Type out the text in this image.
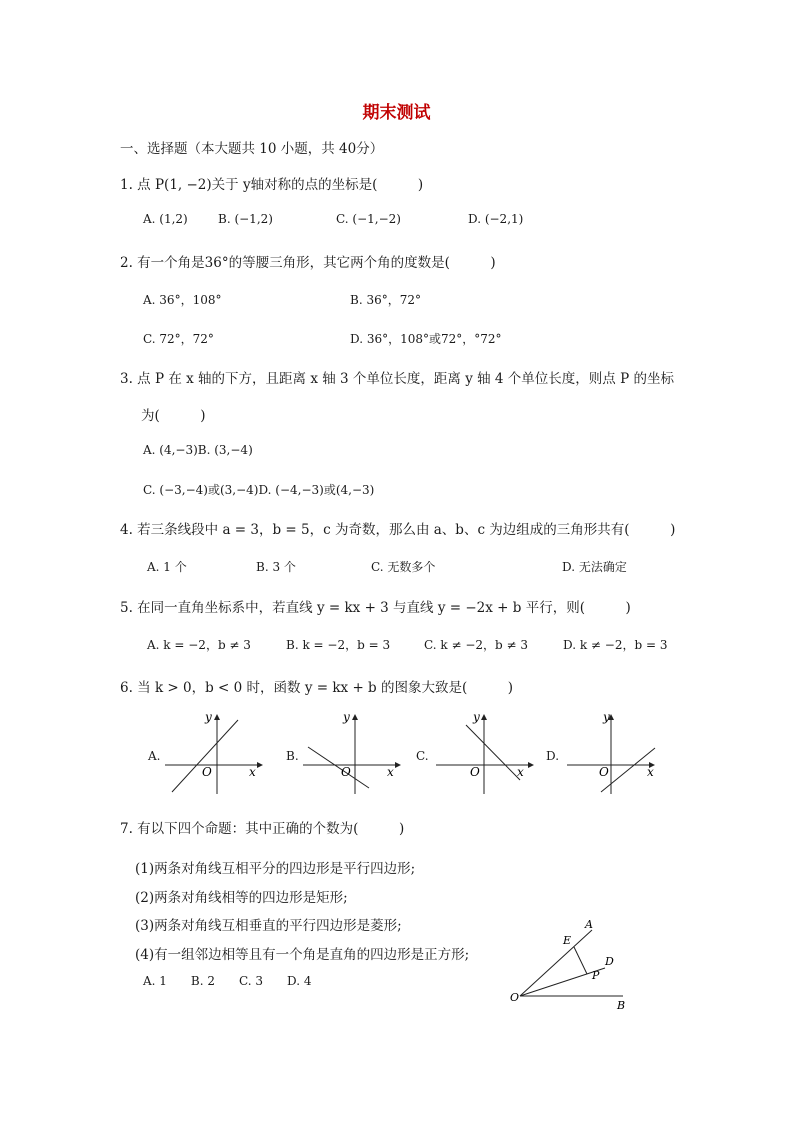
期末测试
一、选择题（本大题共 10 小题，共 40分）
1. 点 P(1, −2)关于 y轴对称的点的坐标是(　　　)
A. (1,2)	B. (−1,2)	C. (−1,−2)	D. (−2,1)
2. 有一个角是36°的等腰三角形，其它两个角的度数是(　　　)
A. 36°，108°	B. 36°，72°
C. 72°，72°	D. 36°，108°或72°，°72°
3. 点 P 在 x 轴的下方，且距离 x 轴 3 个单位长度，距离 y 轴 4 个单位长度，则点 P 的坐标
为(　　　)
A. (4,−3)B. (3,−4)
C. (−3,−4)或(3,−4)D. (−4,−3)或(4,−3)
4. 若三条线段中 a = 3，b = 5，c 为奇数，那么由 a、b、c 为边组成的三角形共有(　　　)
A. 1 个	B. 3 个	C. 无数多个	D. 无法确定
5. 在同一直角坐标系中，若直线 y = kx + 3 与直线 y = −2x + b 平行，则(　　　)
A. k = −2，b ≠ 3	B. k = −2，b = 3	C. k ≠ −2，b ≠ 3	D. k ≠ −2，b = 3
6. 当 k > 0，b < 0 时，函数 y = kx + b 的图象大致是(　　　)
A.
y
x
O
B.
y
x
O
C.
y
x
O
D.
y
x
O
7. 有以下四个命题：其中正确的个数为(　　　)
(1)两条对角线互相平分的四边形是平行四边形;
(2)两条对角线相等的四边形是矩形;
(3)两条对角线互相垂直的平行四边形是菱形;
(4)有一组邻边相等且有一个角是直角的四边形是正方形;
A. 1　　B. 2　　C. 3　　D. 4
A
E
D
P
O
B
